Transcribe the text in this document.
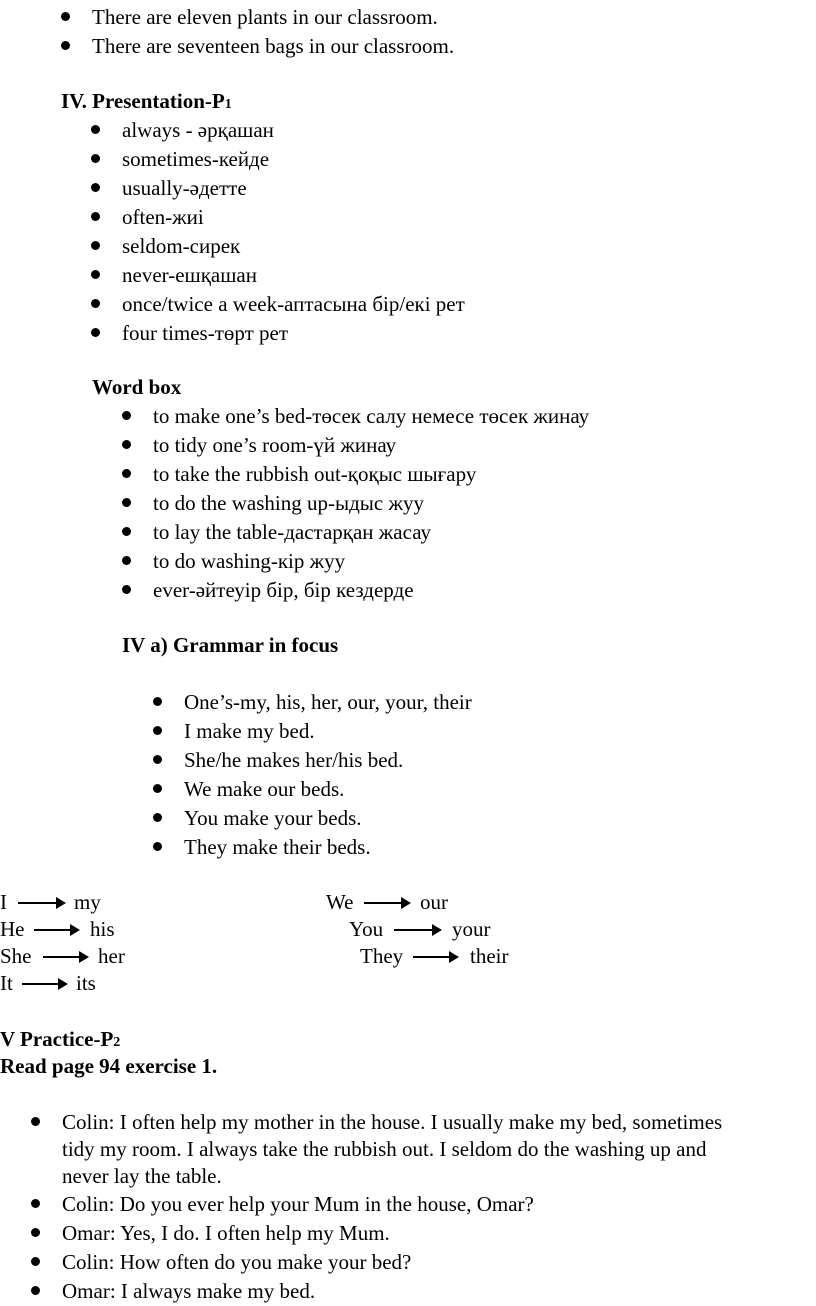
There are eleven plants in our classroom.
There are seventeen bags in our classroom.
IV. Presentation-P1
always - әрқашан
sometimes-кейде
usually-әдетте
often-жиі
seldom-сирек
never-ешқашан
once/twice a week-аптасына бір/екі рет
four times-төрт рет
Word box
to make one’s bed-төсек салу немесе төсек жинау
to tidy one’s room-үй жинау
to take the rubbish out-қоқыс шығару
to do the washing up-ыдыс жуу
to lay the table-дастарқан жасау
to do washing-кір жуу
ever-әйтеуір бір, бір кездерде
IV a) Grammar in focus
One’s-my, his, her, our, your, their
I make my bed.
She/he makes her/his bed.
We make our beds.
You make your beds.
They make their beds.
I	my
He	his
She	her
It	its
We	our
You	your
They	their
V Practice-P2
Read page 94 exercise 1.
Colin: I often help my mother in the house. I usually make my bed, sometimes
tidy my room. I always take the rubbish out. I seldom do the washing up and
never lay the table.
Colin: Do you ever help your Mum in the house, Omar?
Omar: Yes, I do. I often help my Mum.
Colin: How often do you make your bed?
Omar: I always make my bed.
